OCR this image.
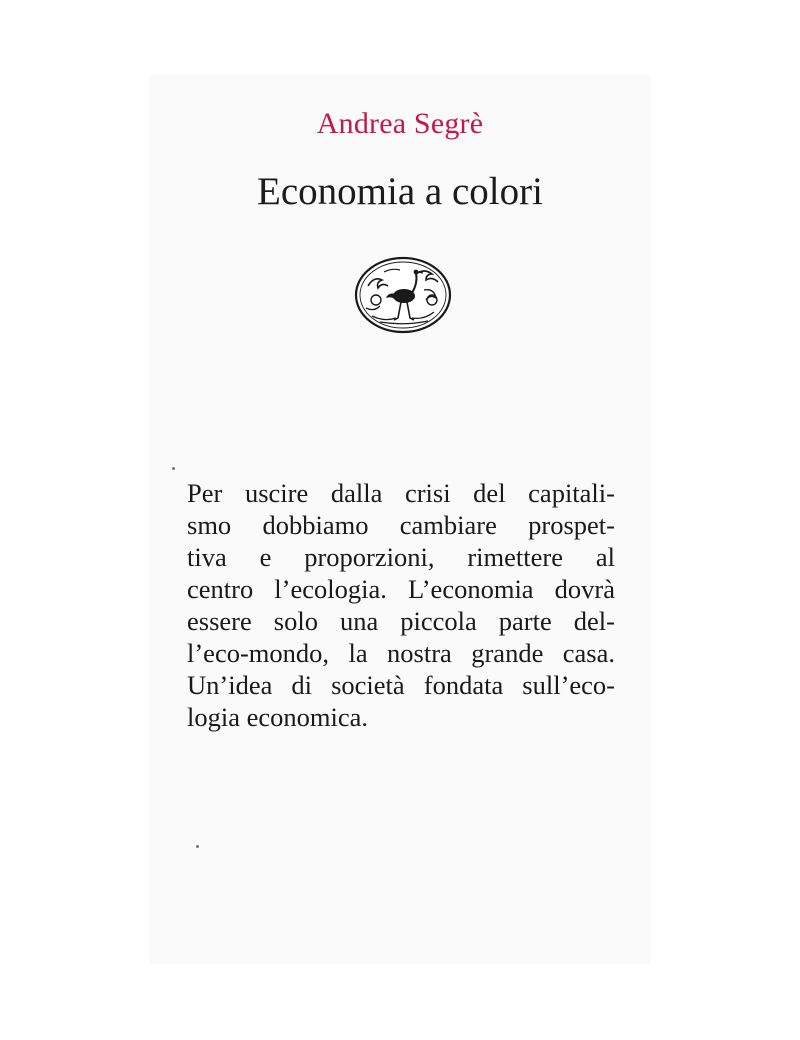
Andrea Segrè
Economia a colori
Per uscire dalla crisi del capitali-
smo dobbiamo cambiare prospet-
tiva e proporzioni, rimettere al
centro l’ecologia. L’economia dovrà
essere solo una piccola parte del-
l’eco-mondo, la nostra grande casa.
Un’idea di società fondata sull’eco-
logia economica.
